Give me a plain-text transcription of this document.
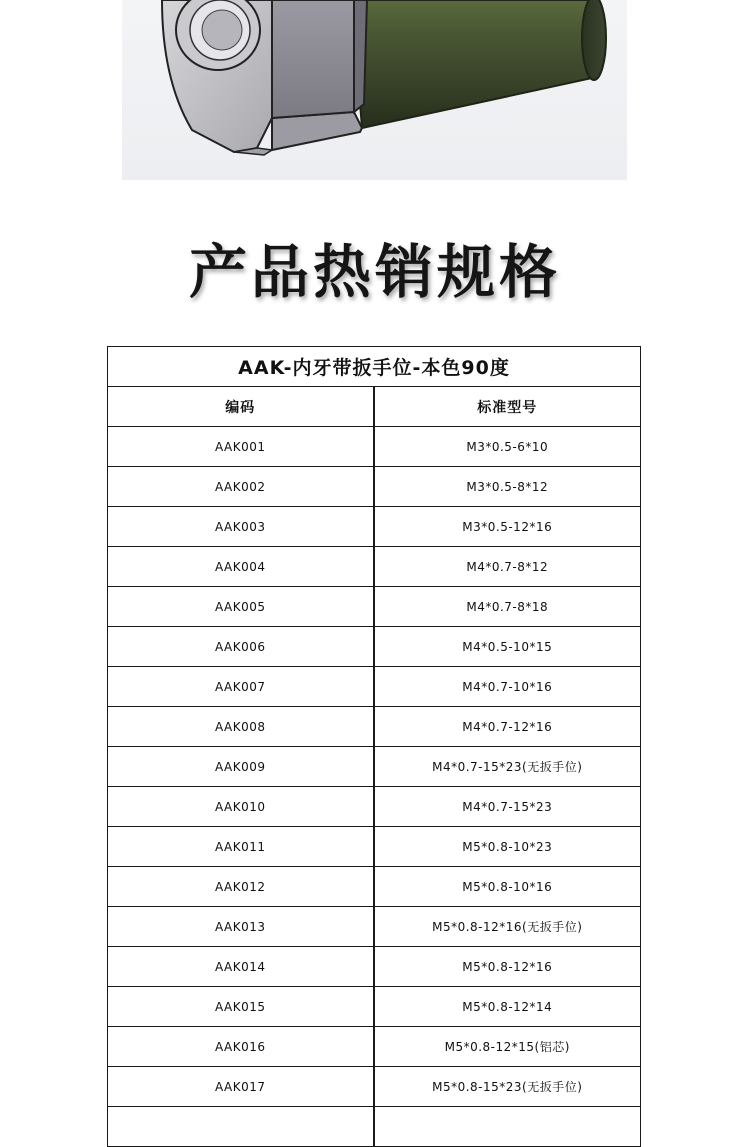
产品热销规格
AAK-内牙带扳手位-本色90度	
编码	标准型号
AAK001	M3*0.5-6*10
AAK002	M3*0.5-8*12
AAK003	M3*0.5-12*16
AAK004	M4*0.7-8*12
AAK005	M4*0.7-8*18
AAK006	M4*0.5-10*15
AAK007	M4*0.7-10*16
AAK008	M4*0.7-12*16
AAK009	M4*0.7-15*23(无扳手位)
AAK010	M4*0.7-15*23
AAK011	M5*0.8-10*23
AAK012	M5*0.8-10*16
AAK013	M5*0.8-12*16(无扳手位)
AAK014	M5*0.8-12*16
AAK015	M5*0.8-12*14
AAK016	M5*0.8-12*15(铝芯)
AAK017	M5*0.8-15*23(无扳手位)
